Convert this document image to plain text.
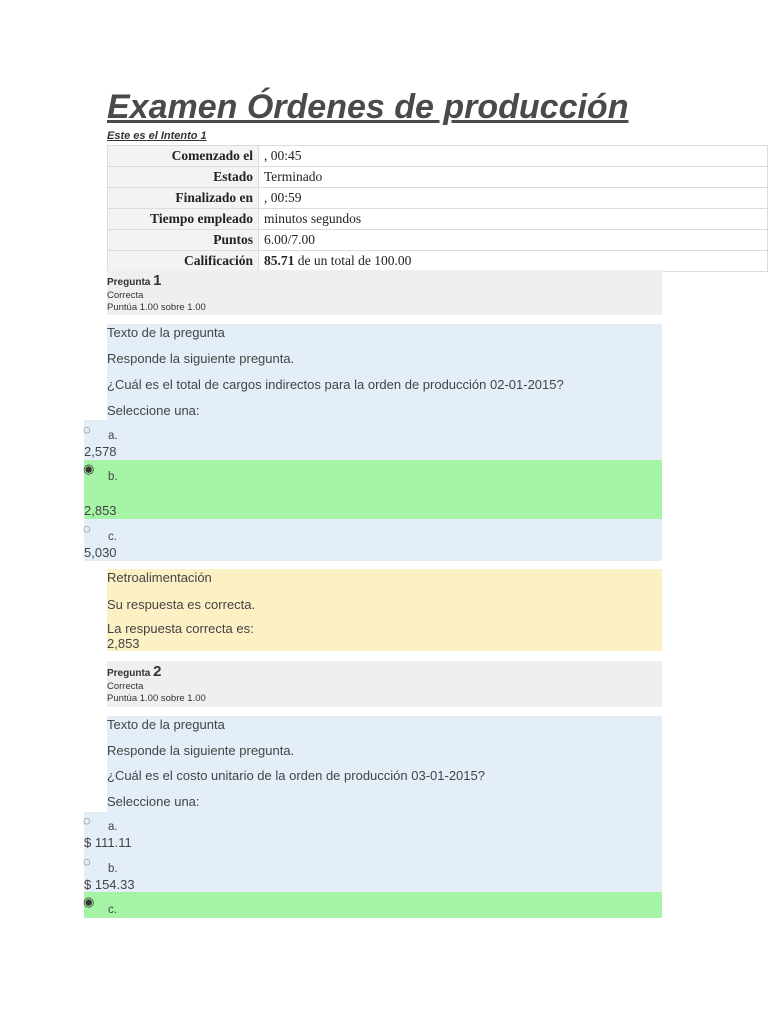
Examen Órdenes de producción
Este es el Intento 1
Comenzado el	, 00:45
Estado	Terminado
Finalizado en	, 00:59
Tiempo empleado	minutos segundos
Puntos	6.00/7.00
Calificación	85.71 de un total de 100.00
Pregunta 1
Correcta
Puntúa 1.00 sobre 1.00
Texto de la pregunta
Responde la siguiente pregunta.
¿Cuál es el total de cargos indirectos para la orden de producción 02-01-2015?
Seleccione una:
◌ a.
2,578
◉
b.
2,853
◌
c.
5,030
Retroalimentación
Su respuesta es correcta.
La respuesta correcta es:
2,853
Pregunta 2
Correcta
Puntúa 1.00 sobre 1.00
Texto de la pregunta
Responde la siguiente pregunta.
¿Cuál es el costo unitario de la orden de producción 03-01-2015?
Seleccione una:
◌ a.
$ 111.11
◌ b.
$ 154.33
◉
c.
